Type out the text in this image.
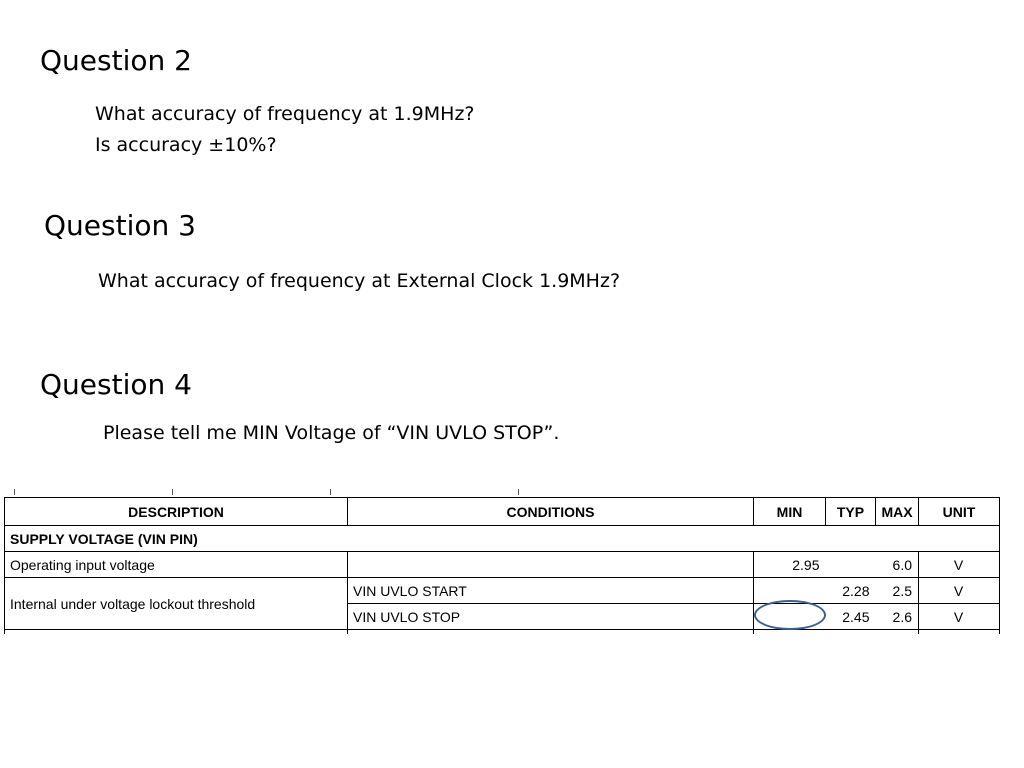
Question 2
What accuracy of frequency at 1.9MHz?
Is accuracy ±10%?
Question 3
What accuracy of frequency at External Clock 1.9MHz?
Question 4
Please tell me MIN Voltage of “VIN UVLO STOP”.
DESCRIPTION	CONDITIONS	MIN	TYP	MAX	UNIT
SUPPLY VOLTAGE (VIN PIN)					
Operating input voltage		2.95		6.0	V
Internal under voltage lockout threshold	VIN UVLO START		2.28	2.5	V
	VIN UVLO STOP		2.45	2.6	V
